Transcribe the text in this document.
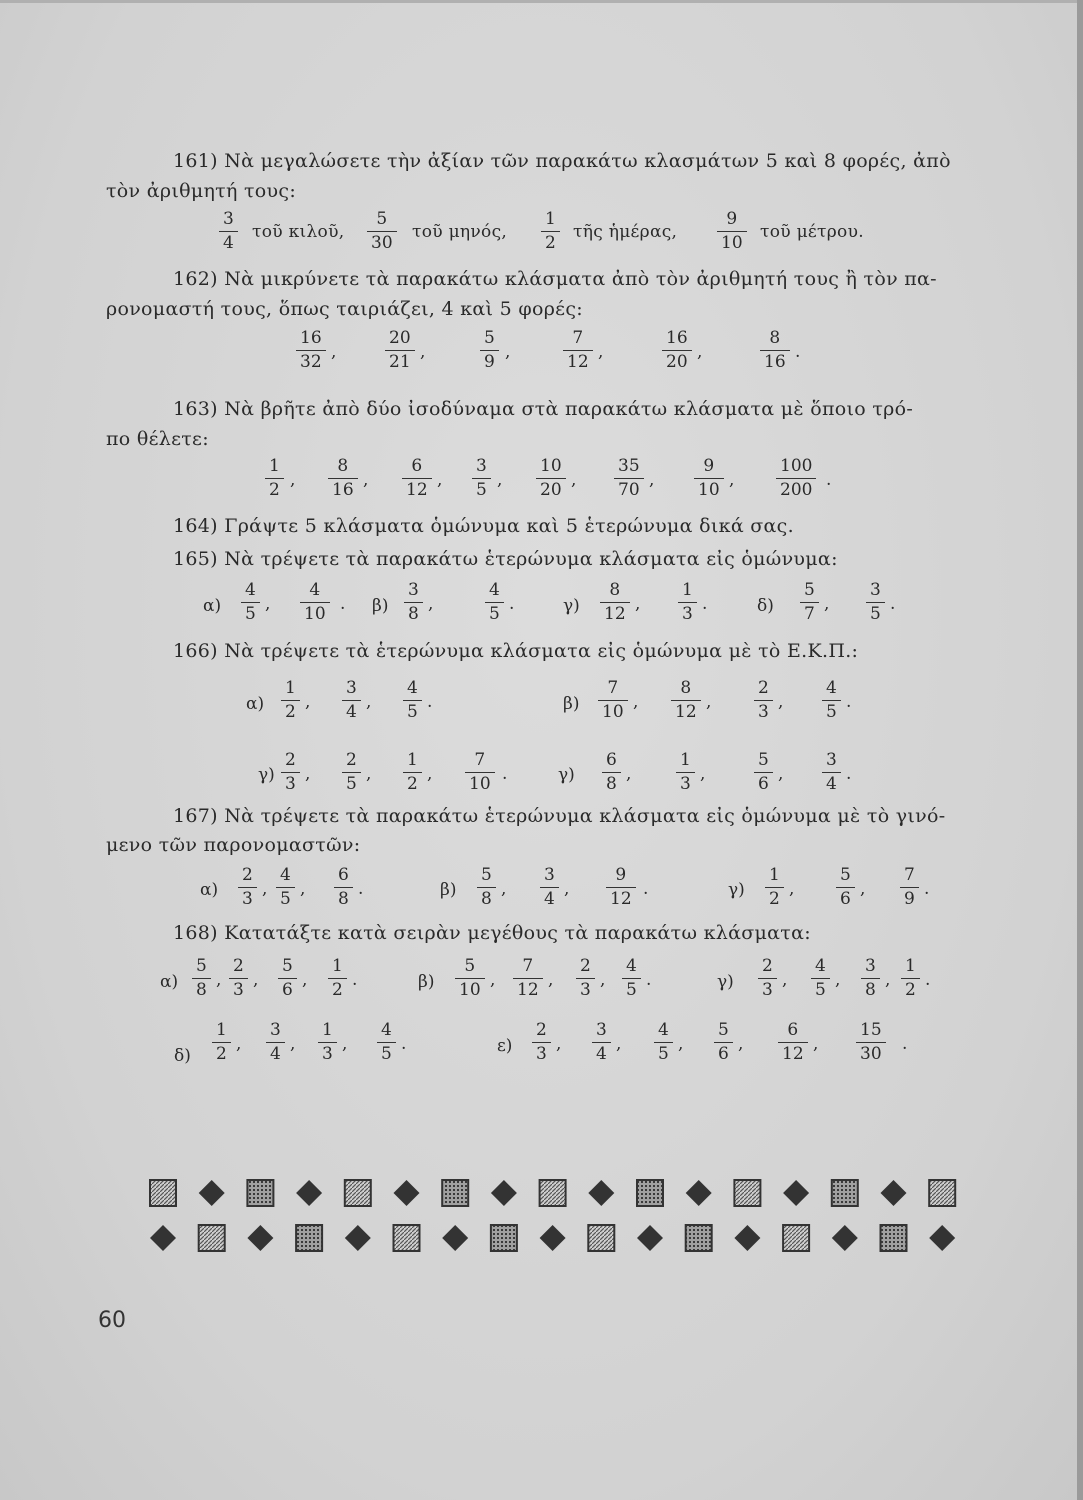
161) Νὰ μεγαλώσετε τὴν ἀξίαν τῶν παρακάτω κλασμάτων 5 καὶ 8 φορές, ἀπὸ
τὸν ἀριθμητή τους:
$\frac{3}{4}$ τοῦ κιλοῦ, $\frac{5}{30}$ τοῦ μηνός, $\frac{1}{2}$ τῆς ἡμέρας, $\frac{9}{10}$ τοῦ μέτρου.
162) Νὰ μικρύνετε τὰ παρακάτω κλάσματα ἀπὸ τὸν ἀριθμητή τους ἢ τὸν πα-
ρονομαστή τους, ὅπως ταιριάζει, 4 καὶ 5 φορές:
$\frac{16}{32}$ ,	$\frac{20}{21}$ ,	$\frac{5}{9}$ ,	$\frac{7}{12}$ ,	$\frac{16}{20}$ ,	$\frac{8}{16}$ .
163) Νὰ βρῆτε ἀπὸ δύο ἰσοδύναμα στὰ παρακάτω κλάσματα μὲ ὅποιο τρό-
πο θέλετε:
$\frac{1}{2}$ , $\frac{8}{16}$ , $\frac{6}{12}$ , $\frac{3}{5}$ , $\frac{10}{20}$ , $\frac{35}{70}$ , $\frac{9}{10}$ , $\frac{100}{200}$ .
164) Γράψτε 5 κλάσματα ὁμώνυμα καὶ 5 ἑτερώνυμα δικά σας.
165) Νὰ τρέψετε τὰ παρακάτω ἑτερώνυμα κλάσματα εἰς ὁμώνυμα:
$\alpha) \frac{4}{5}$ , $\frac{4}{10}$ . $\beta) \frac{3}{8}$ ,	$\frac{4}{5}$ .	$\gamma) \frac{8}{12}$ , $\frac{1}{3}$ .	$\delta) \frac{5}{7}$ , $\frac{3}{5}$ .
166) Νὰ τρέψετε τὰ ἑτερώνυμα κλάσματα εἰς ὁμώνυμα μὲ τὸ Ε.Κ.Π.:
$\alpha) \frac{1}{2}$ , $\frac{3}{4}$ , $\frac{4}{5}$ .	$\beta) \frac{7}{10}$ , $\frac{8}{12}$ ,	$\frac{2}{3}$ , $\frac{4}{5}$ .
$\gamma) \frac{2}{3}$ , $\frac{2}{5}$ , $\frac{1}{2}$ , $\frac{7}{10}$ .	$\gamma) \frac{6}{8}$ ,	$\frac{1}{3}$ ,	$\frac{5}{6}$ , $\frac{3}{4}$ .
167) Νὰ τρέψετε τὰ παρακάτω ἑτερώνυμα κλάσματα εἰς ὁμώνυμα μὲ τὸ γινό-
μενο τῶν παρονομαστῶν:
$\alpha) \frac{2}{3}$ , $\frac{4}{5}$ , $\frac{6}{8}$ .	$\beta) \frac{5}{8}$ , $\frac{3}{4}$ , $\frac{9}{12}$ .	$\gamma) \frac{1}{2}$ , $\frac{5}{6}$ , $\frac{7}{9}$ .
168) Κατατάξτε κατὰ σειρὰν μεγέθους τὰ παρακάτω κλάσματα:
$\alpha) \frac{5}{8}$ , $\frac{2}{3}$ , $\frac{5}{6}$ , $\frac{1}{2}$ .	$\beta) \frac{5}{10}$ , $\frac{7}{12}$ , $\frac{2}{3}$ , $\frac{4}{5}$ .	$\gamma) \frac{2}{3}$ , $\frac{4}{5}$ , $\frac{3}{8}$ , $\frac{1}{2}$ .
$\delta) \frac{1}{2}$ , $\frac{3}{4}$ , $\frac{1}{3}$ , $\frac{4}{5}$ .	$\varepsilon) \frac{2}{3}$ , $\frac{3}{4}$ , $\frac{4}{5}$ , $\frac{5}{6}$ , $\frac{6}{12}$ , $\frac{15}{30}$ .
60
